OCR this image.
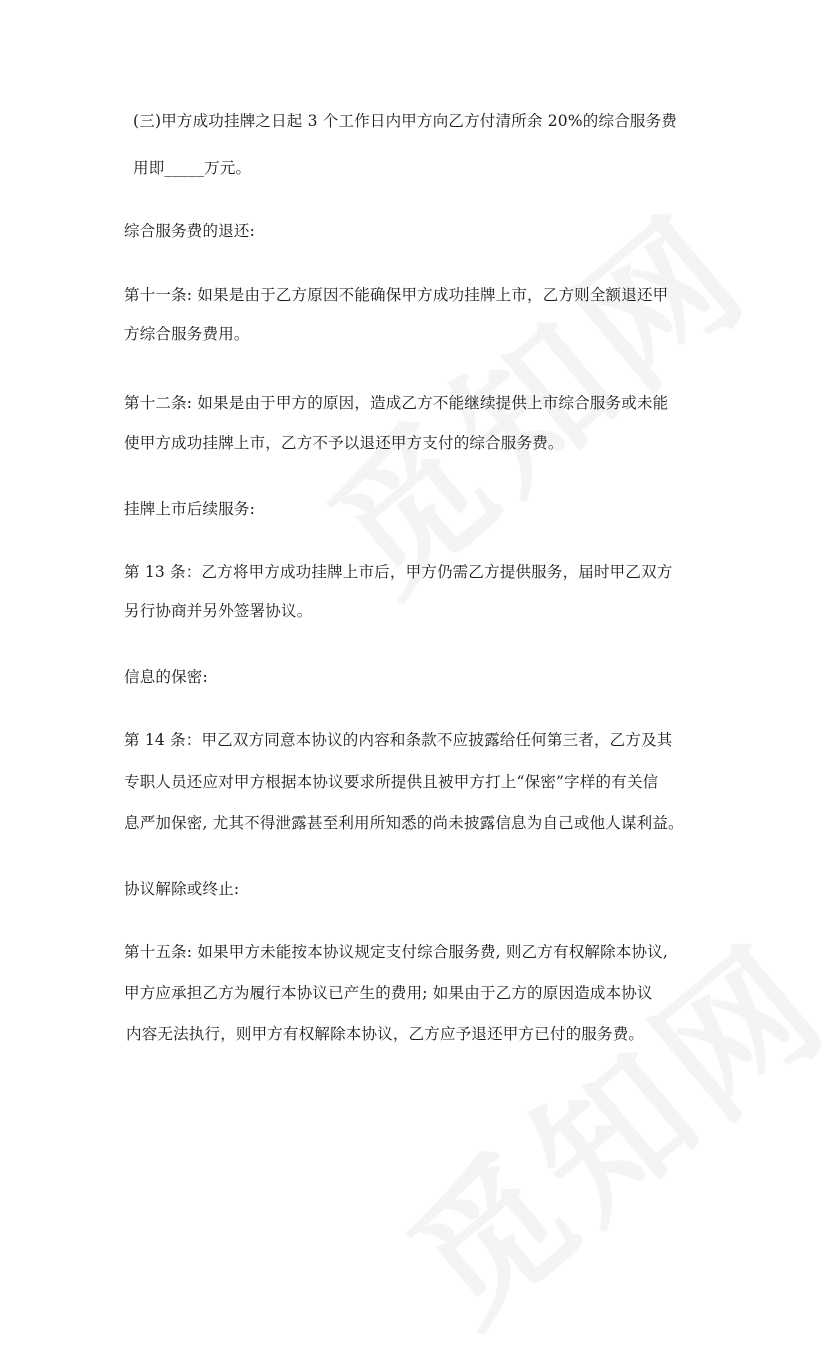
(三)甲方成功挂牌之日起 3 个工作日内甲方向乙方付清所余 20%的综合服务费
用即_____万元。
综合服务费的退还:
第十一条: 如果是由于乙方原因不能确保甲方成功挂牌上市，乙方则全额退还甲
方综合服务费用。
第十二条: 如果是由于甲方的原因，造成乙方不能继续提供上市综合服务或未能
使甲方成功挂牌上市，乙方不予以退还甲方支付的综合服务费。
挂牌上市后续服务:
第 13 条：乙方将甲方成功挂牌上市后，甲方仍需乙方提供服务，届时甲乙双方
另行协商并另外签署协议。
信息的保密:
第 14 条：甲乙双方同意本协议的内容和条款不应披露给任何第三者，乙方及其
专职人员还应对甲方根据本协议要求所提供且被甲方打上“保密”字样的有关信
息严加保密, 尤其不得泄露甚至利用所知悉的尚未披露信息为自己或他人谋利益。
协议解除或终止:
第十五条: 如果甲方未能按本协议规定支付综合服务费, 则乙方有权解除本协议,
甲方应承担乙方为履行本协议已产生的费用; 如果由于乙方的原因造成本协议
内容无法执行，则甲方有权解除本协议，乙方应予退还甲方已付的服务费。
